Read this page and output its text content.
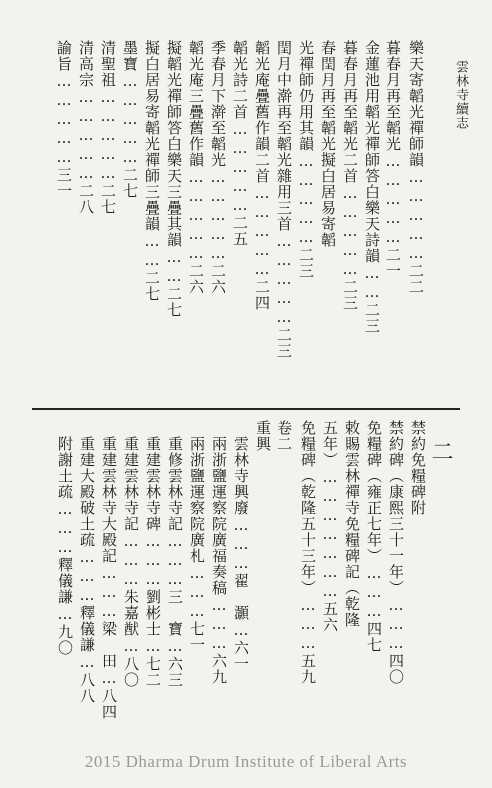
雲林寺續志
二
樂天寄韜光禪師韻……………二二
暮春月再至韜光……………二一
金蓮池用韜光禪師答白樂天詩韻……二三
暮春月再至韜光二首……………二三
春閏月再至韜光擬白居易寄韜
光禪師仍用其韻……………二三
閏月中澣再至韜光雜用三首……………二三
韜光庵疊舊作韻二首……………二四
韜光詩二首……………二五
季春月下澣至韜光……………二六
韜光庵三疊舊作韻……………二六
擬韜光禪師答白樂天三疊其韻……二七
擬白居易寄韜光禪師三疊韻……二七
墨寶……………二七
清聖祖……………二七
清高宗……………二八
諭旨……………三一
禁約免糧碑附
禁約碑（康熙三十一年）………四〇
免糧碑（雍正七年）………四七
敕賜雲林禪寺免糧碑記（乾隆
五年）…………………五六
免糧碑（乾隆五十三年）………五九
卷二
重興
雲林寺興廢………翟　灝…六一
兩浙鹽運察院廣福奏稿………六九
兩浙鹽運察院廣札………七一
重修雲林寺記………三　寶…六三
重建雲林寺碑………劉彬士…七二
重建雲林寺記………朱嘉猷…八〇
重建雲林寺大殿記………梁　田…八四
重建大殿破土疏………釋儀謙…八八
附謝土疏………釋儀謙…九〇
2015 Dharma Drum Institute of Liberal Arts
